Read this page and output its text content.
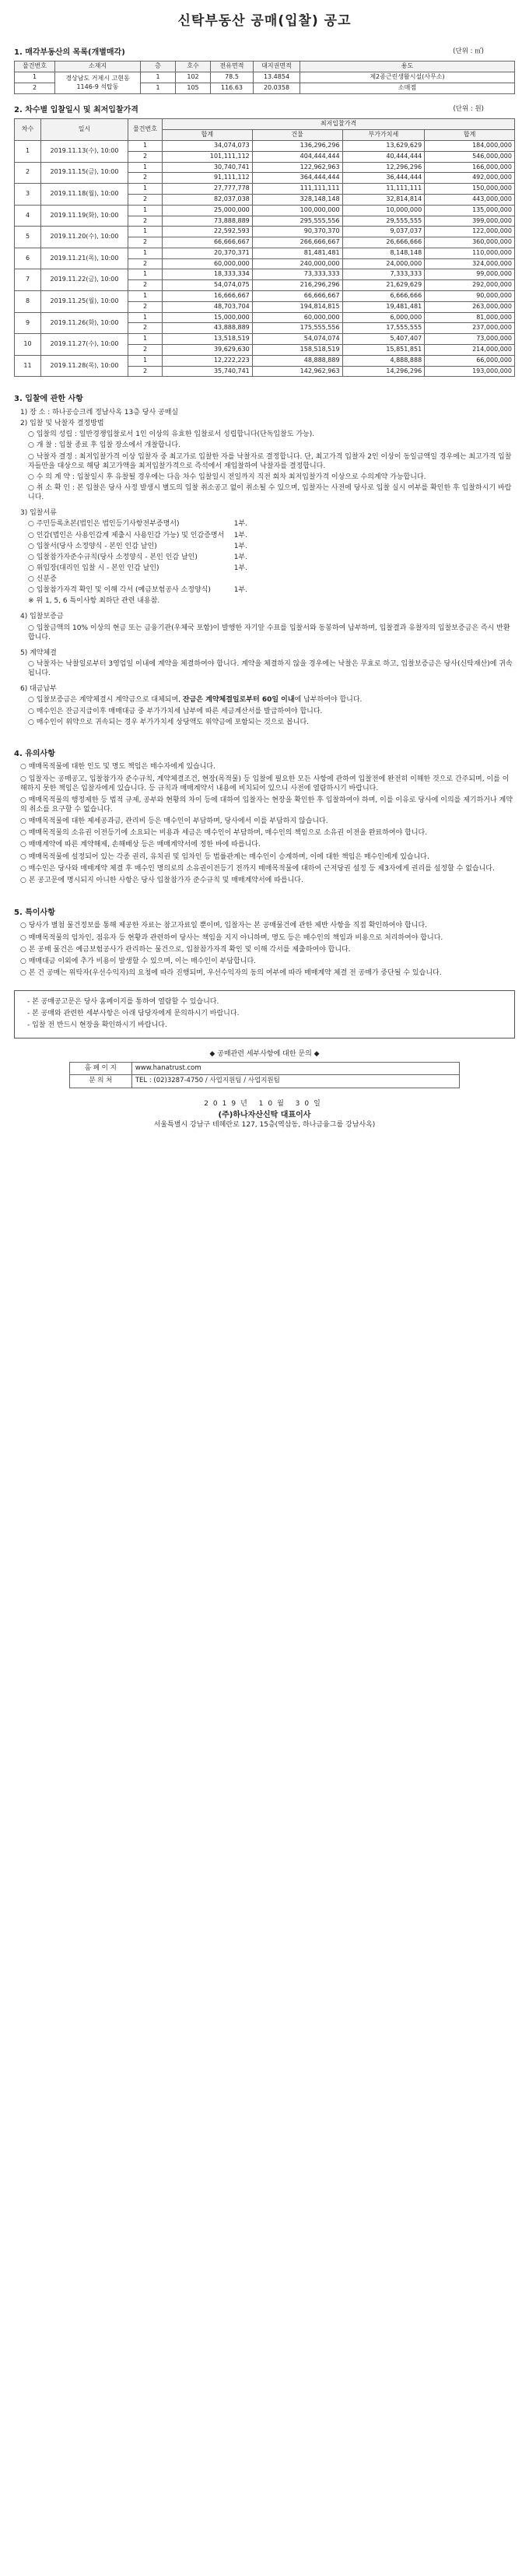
신탁부동산 공매(입찰) 공고
1. 매각부동산의 목록(개별매각)	(단위 : ㎡)
물건번호	소재지	층	호수	전유면적	대지권면적	용도
1	경상남도 거제시 고현동 1146-9 석탑동	1	102	78.5	13.4854	제2종근린생활시설(사무소)
2		1	105	116.63	20.0358	소매점
2. 차수별 입찰일시 및 최저입찰가격	(단위 : 원)
차수	일시	물건번호	최저입찰가격			
			합계	건물	부가가치세	합계
1	2019.11.13(수), 10:00	1	34,074,073	136,296,296	13,629,629	184,000,000
		2	101,111,112	404,444,444	40,444,444	546,000,000
2	2019.11.15(금), 10:00	1	30,740,741	122,962,963	12,296,296	166,000,000
		2	91,111,112	364,444,444	36,444,444	492,000,000
3	2019.11.18(월), 10:00	1	27,777,778	111,111,111	11,111,111	150,000,000
		2	82,037,038	328,148,148	32,814,814	443,000,000
4	2019.11.19(화), 10:00	1	25,000,000	100,000,000	10,000,000	135,000,000
		2	73,888,889	295,555,556	29,555,555	399,000,000
5	2019.11.20(수), 10:00	1	22,592,593	90,370,370	9,037,037	122,000,000
		2	66,666,667	266,666,667	26,666,666	360,000,000
6	2019.11.21(목), 10:00	1	20,370,371	81,481,481	8,148,148	110,000,000
		2	60,000,000	240,000,000	24,000,000	324,000,000
7	2019.11.22(금), 10:00	1	18,333,334	73,333,333	7,333,333	99,000,000
		2	54,074,075	216,296,296	21,629,629	292,000,000
8	2019.11.25(월), 10:00	1	16,666,667	66,666,667	6,666,666	90,000,000
		2	48,703,704	194,814,815	19,481,481	263,000,000
9	2019.11.26(화), 10:00	1	15,000,000	60,000,000	6,000,000	81,000,000
		2	43,888,889	175,555,556	17,555,555	237,000,000
10	2019.11.27(수), 10:00	1	13,518,519	54,074,074	5,407,407	73,000,000
		2	39,629,630	158,518,519	15,851,851	214,000,000
11	2019.11.28(목), 10:00	1	12,222,223	48,888,889	4,888,888	66,000,000
		2	35,740,741	142,962,963	14,296,296	193,000,000
3. 입찰에 관한 사항
1) 장 소 : 하나공승크레 정남사옥 13층 당사 공매실
2) 입찰 및 낙찰자 결정방법
○ 입찰의 성립 : 일반경쟁입찰로서 1인 이상의 유효한 입찰로서 성립합니다(단독입찰도 가능).
○ 개 찰 : 입찰 종료 후 입찰 장소에서 개찰합니다.
○ 낙찰자 결정 : 최저입찰가격 이상 입찰자 중 최고가로 입찰한 자를 낙찰자로 결정합니다. 단, 최고가격 입찰자 2인 이상이 동일금액일 경우에는 최고가격 입찰자들만을 대상으로 해당 최고가액을 최저입찰가격으로 즉석에서 재입찰하여 낙찰자를 결정합니다.
○ 수 의 계 약 : 입찰일시 후 유찰될 경우에는 다음 차수 입찰일시 전일까지 직전 회차 최저입찰가격 이상으로 수의계약 가능합니다.
○ 취 소 확 인 : 본 입찰은 당사 사정 발생시 별도의 입찰 취소공고 없이 취소될 수 있으며, 입찰자는 사전에 당사로 입찰 실시 여부를 확인한 후 입찰하시기 바랍니다.
3) 입찰서류
○ 주민등록초본(법인은 법인등기사항전부증명서)	1부.
○ 인감(법인은 사용인감계 제출시 사용인감 가능) 및 인감증명서 1부.
○ 입찰서(당사 소정양식 - 본인 인감 날인)	1부.
○ 입찰참가자준수규칙(당사 소정양식 - 본인 인감 날인)	1부.
○ 위임장(대리인 입찰 시 - 본인 인감 날인)	1부.
○ 신분증
○ 입찰참가자격 확인 및 이해 각서 (예금보험공사 소정양식)	1부.
※ 위 1, 5, 6 특이사항 최하단 관련 내용참.
4) 입찰보증금
○ 입찰금액의 10% 이상의 현금 또는 금융기관(우체국 포함)이 발행한 자기앞 수표를 입찰서와 동봉하여 납부하며, 입찰결과 유찰자의 입찰보증금은 즉시 반환합니다.
5) 계약체결
○ 낙찰자는 낙찰일로부터 3영업일 이내에 계약을 체결하여야 합니다. 계약을 체결하지 않을 경우에는 낙찰은 무효로 하고, 입찰보증금은 당사(신탁재산)에 귀속됩니다.
6) 대금납부
○ 입찰보증금은 계약체결시 계약금으로 대체되며, 잔금은 계약체결일로부터 60일 이내에 납부하여야 합니다.
○ 매수인은 잔금지급이후 매매대금 중 부가가치세 납부에 따른 세금계산서를 발급하여야 합니다.
○ 매수인이 위약으로 귀속되는 경우 부가가치세 상당액도 위약금에 포함되는 것으로 봅니다.
4. 유의사항
○ 매매목적물에 대한 인도 및 명도 책임은 매수자에게 있습니다.
○ 입찰자는 공매공고, 입찰참가자 준수규칙, 계약체결조건, 현장(목적물) 등 입찰에 필요한 모든 사항에 관하여 입찰전에 완전히 이해한 것으로 간주되며, 이를 이해하지 못한 책임은 입찰자에게 있습니다. 등 규칙과 매매계약서 내용에 비치되어 있으니 사전에 열람하시기 바랍니다.
○ 매매목적물의 행정제한 등 법적 규제, 공부와 현황의 차이 등에 대하여 입찰자는 현장을 확인한 후 입찰하여야 하며, 이를 이유로 당사에 이의를 제기하거나 계약의 취소를 요구할 수 없습니다.
○ 매매목적물에 대한 제세공과금, 관리비 등은 매수인이 부담하며, 당사에서 이를 부담하지 않습니다.
○ 매매목적물의 소유권 이전등기에 소요되는 비용과 세금은 매수인이 부담하며, 매수인의 책임으로 소유권 이전을 완료하여야 합니다.
○ 매매계약에 따른 계약해제, 손해배상 등은 매매계약서에 정한 바에 따릅니다.
○ 매매목적물에 설정되어 있는 각종 권리, 유치권 및 임차인 등 법률관계는 매수인이 승계하며, 이에 대한 책임은 매수인에게 있습니다.
○ 매수인은 당사와 매매계약 체결 후 매수인 명의로의 소유권이전등기 전까지 매매목적물에 대하여 근저당권 설정 등 제3자에게 권리를 설정할 수 없습니다.
○ 본 공고문에 명시되지 아니한 사항은 당사 입찰참가자 준수규칙 및 매매계약서에 따릅니다.
5. 특이사항
○ 당사가 별첨 물건정보를 통해 제공한 자료는 참고자료일 뿐이며, 입찰자는 본 공매물건에 관한 제반 사항을 직접 확인하여야 합니다.
○ 매매목적물의 임차인, 점유자 등 현황과 관련하여 당사는 책임을 지지 아니하며, 명도 등은 매수인의 책임과 비용으로 처리하여야 합니다.
○ 본 공매 물건은 예금보험공사가 관리하는 물건으로, 입찰참가자격 확인 및 이해 각서를 제출하여야 합니다.
○ 매매대금 이외에 추가 비용이 발생할 수 있으며, 이는 매수인이 부담합니다.
○ 본 건 공매는 위탁자(우선수익자)의 요청에 따라 진행되며, 우선수익자의 동의 여부에 따라 매매계약 체결 전 공매가 중단될 수 있습니다.
- 본 공매공고문은 당사 홈페이지를 통하여 열람할 수 있습니다.
- 본 공매와 관련한 세부사항은 아래 담당자에게 문의하시기 바랍니다.
- 입찰 전 반드시 현장을 확인하시기 바랍니다.
◆ 공매관련 세부사항에 대한 문의 ◆
홈 페 이 지	www.hanatrust.com
문 의 처	TEL : (02)3287-4750 / 사업지원팀 / 사업지원팀
2019년 10월 30일
(주)하나자산신탁 대표이사
서울특별시 강남구 테헤란로 127, 15층(역삼동, 하나금융그룹 강남사옥)
